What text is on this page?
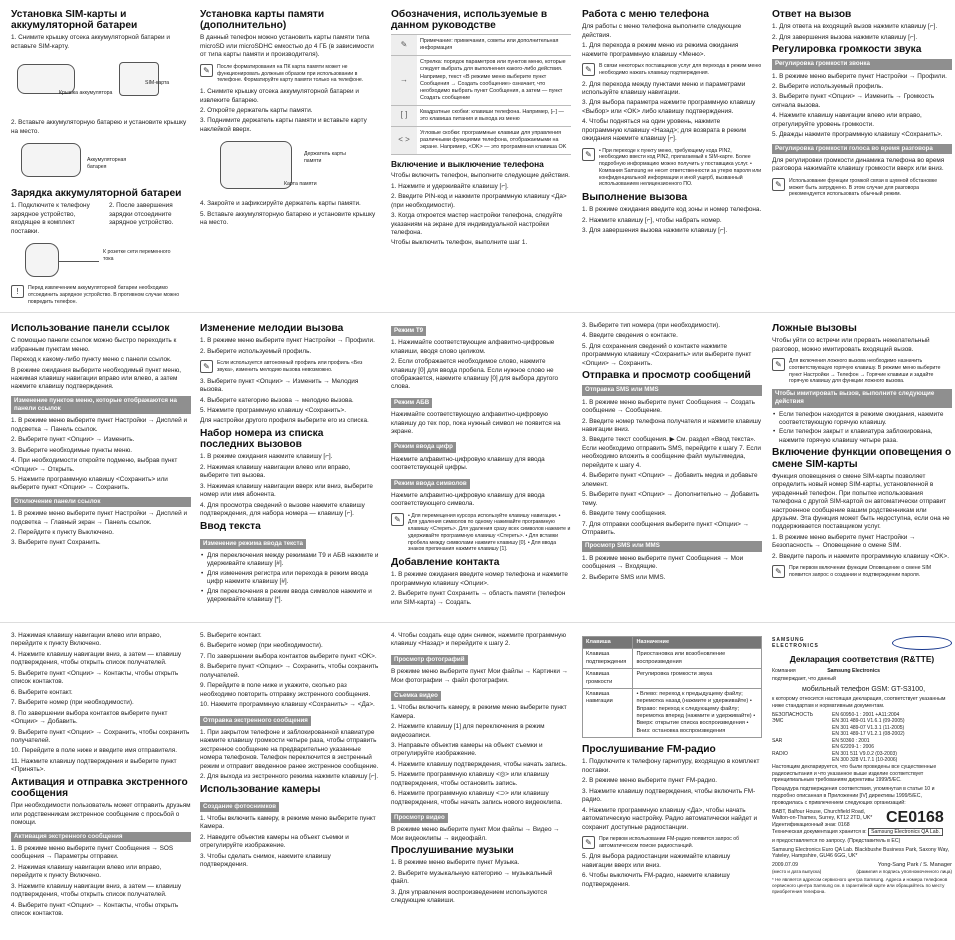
Установка SIM-карты и аккумуляторной батареи

1. Снимите крышку отсека аккумуляторной батареи и вставьте SIM-карту.

Крышка аккумулятора
SIM-карта

2. Вставьте аккумуляторную батарею и установите крышку на место.

Аккумуляторная батарея
Зарядка аккумуляторной батареи

1. Подключите к телефону зарядное устройство, входящее в комплект поставки.

2. После завершения зарядки отсоедините зарядное устройство.

К розетке сети переменного тока
!	Перед извлечением аккумуляторной батареи необходимо отсоединить зарядное устройство. В противном случае можно повредить телефон.
Установка карты памяти (дополнительно)

В данный телефон можно установить карты памяти типа microSD или microSDHC емкостью до 4 ГБ (в зависимости от типа карты памяти и производителя).

✎	После форматирования на ПК карта памяти может не функционировать должным образом при использовании в телефоне. Форматируйте карту памяти только на телефоне.

1. Снимите крышку отсека аккумуляторной батареи и извлеките батарею.

2. Откройте держатель карты памяти.

3. Поднимите держатель карты памяти и вставьте карту наклейкой вверх.

Держатель карты памяти
Карта памяти

4. Закройте и зафиксируйте держатель карты памяти.

5. Вставьте аккумуляторную батарею и установите крышку на место.

Обозначения, используемые в данном руководстве
✎	Примечание: примечания, советы или дополнительная информация
→	Стрелка: порядок параметров или пунктов меню, которые следует выбрать для выполнения какого-либо действия. Например, текст «В режиме меню выберите пункт Сообщения → Создать сообщение» означает, что необходимо выбрать пункт Сообщения, а затем — пункт Создать сообщение
[ ]	Квадратные скобки: клавиши телефона. Например, [⌐] — это клавиша питания и выхода из меню
< >	Угловые скобки: программные клавиши для управления различными функциями телефона, отображаемыми на экране. Например, <OK> — это программная клавиша OK
Включение и выключение телефона

Чтобы включить телефон, выполните следующие действия.

1. Нажмите и удерживайте клавишу [⌐].

2. Введите PIN-код и нажмите программную клавишу <Да> (при необходимости).

3. Когда откроется мастер настройки телефона, следуйте указаниям на экране для индивидуальной настройки телефона.

Чтобы выключить телефон, выполните шаг 1.

Работа с меню телефона

Для работы с меню телефона выполните следующие действия.

1. Для перехода в режим меню из режима ожидания нажмите программную клавишу <Меню>.

✎	В связи некоторых поставщиков услуг для перехода в режим меню необходимо нажать клавишу подтверждения.

2. Для перехода между пунктами меню и параметрами используйте клавишу навигации.

3. Для выбора параметра нажмите программную клавишу <Выбор> или <OK> либо клавишу подтверждения.

4. Чтобы подняться на один уровень, нажмите программную клавишу <Назад>; для возврата в режим ожидания нажмите клавишу [⌐].

✎	• При переходе к пункту меню, требующему кода PIN2, необходимо ввести код PIN2, прилагаемый к SIM-карте. Более подробную информацию можно получить у поставщика услуг. • Компания Samsung не несет ответственности за утерю пароля или конфиденциальной информации и иной ущерб, вызванный использованием нелицензионного ПО.
Выполнение вызова

1. В режиме ожидания введите код зоны и номер телефона.

2. Нажмите клавишу [⌐], чтобы набрать номер.

3. Для завершения вызова нажмите клавишу [⌐].

Ответ на вызов

1. Для ответа на входящий вызов нажмите клавишу [⌐].

2. Для завершения вызова нажмите клавишу [⌐].

Регулировка громкости звука
Регулировка громкости звонка

1. В режиме меню выберите пункт Настройки → Профили.

2. Выберите используемый профиль.

3. Выберите пункт <Опции> → Изменить → Громкость сигнала вызова.

4. Нажмите клавишу навигации влево или вправо, отрегулируйте уровень громкости.

5. Дважды нажмите программную клавишу <Сохранить>.

Регулировка громкости голоса во время разговора

Для регулировки громкости динамика телефона во время разговора нажимайте клавишу громкости вверх или вниз.

✎	Использование функции громкой связи в шумной обстановке может быть затруднено. В этом случае для разговора рекомендуется использовать обычный режим.
Использование панели ссылок

С помощью панели ссылок можно быстро переходить к избранным пунктам меню.

Переход к какому-либо пункту меню с панели ссылок.

В режиме ожидания выберите необходимый пункт меню, нажимая клавишу навигации вправо или влево, а затем нажмите клавишу подтверждения.

Изменение пунктов меню, которые отображаются на панели ссылок

1. В режиме меню выберите пункт Настройки → Дисплей и подсветка → Панель ссылок.

2. Выберите пункт <Опции> → Изменить.

3. Выберите необходимые пункты меню.

4. При необходимости откройте подменю, выбрав пункт <Опции> → Открыть.

5. Нажмите программную клавишу <Сохранить> или выберите пункт <Опции> → Сохранить.

Отключение панели ссылок

1. В режиме меню выберите пункт Настройки → Дисплей и подсветка → Главный экран → Панель ссылок.

2. Перейдите к пункту Выключено.

3. Выберите пункт Сохранить.

Изменение мелодии вызова

1. В режиме меню выберите пункт Настройки → Профили.

2. Выберите используемый профиль.

✎	Если используется автономный профиль или профиль «Без звука», изменить мелодию вызова невозможно.

3. Выберите пункт <Опции> → Изменить → Мелодия вызова.

4. Выберите категорию вызова → мелодию вызова.

5. Нажмите программную клавишу <Сохранить>.

Для настройки другого профиля выберите его из списка.

Набор номера из списка последних вызовов

1. В режиме ожидания нажмите клавишу [⌐].

2. Нажимая клавишу навигации влево или вправо, выберите тип вызова.

3. Нажимая клавишу навигации вверх или вниз, выберите номер или имя абонента.

4. Для просмотра сведений о вызове нажмите клавишу подтверждения, для набора номера — клавишу [⌐].

Ввод текста
Изменение режима ввода текста
• Для переключения между режимами T9 и АБВ нажмите и удерживайте клавишу [#].
• Для изменения регистра или перехода в режим ввода цифр нажмите клавишу [#].
• Для переключения в режим ввода символов нажмите и удерживайте клавишу [*].
Режим T9

1. Нажимайте соответствующие алфавитно-цифровые клавиши, вводя слово целиком.

2. Если отображается необходимое слово, нажмите клавишу [0] для ввода пробела. Если нужное слово не отображается, нажмите клавишу [0] для выбора другого слова.

Режим АБВ

Нажимайте соответствующую алфавитно-цифровую клавишу до тех пор, пока нужный символ не появится на экране.

Режим ввода цифр

Нажмите алфавитно-цифровую клавишу для ввода соответствующей цифры.

Режим ввода символов

Нажмите алфавитно-цифровую клавишу для ввода соответствующего символа.

✎	• Для перемещения курсора используйте клавишу навигации. • Для удаления символов по одному нажимайте программную клавишу <Стереть>. Для удаления сразу всех символов нажмите и удерживайте программную клавишу <Стереть>. • Для вставки пробела между символами нажмите клавишу [0]. • Для ввода знаков препинания нажмите клавишу [1].
Добавление контакта

1. В режиме ожидания введите номер телефона и нажмите программную клавишу <Опции>.

2. Выберите пункт Сохранить → область памяти (телефон или SIM-карта) → Создать.

3. Выберите тип номера (при необходимости).

4. Введите сведения о контакте.

5. Для сохранения сведений о контакте нажмите программную клавишу <Сохранить> или выберите пункт <Опции> → Сохранить.

Отправка и просмотр сообщений
Отправка SMS или MMS

1. В режиме меню выберите пункт Сообщения → Создать сообщение → Сообщение.

2. Введите номер телефона получателя и нажмите клавишу навигации вниз.

3. Введите текст сообщения. ▶ См. раздел «Ввод текста». Если необходимо отправить SMS, перейдите к шагу 7. Если необходимо вложить в сообщение файл мультимедиа, перейдите к шагу 4.

4. Выберите пункт <Опции> → Добавить медиа и добавьте элемент.

5. Выберите пункт <Опции> → Дополнительно → Добавить тему.

6. Введите тему сообщения.

7. Для отправки сообщения выберите пункт <Опции> → Отправить.

Просмотр SMS или MMS

1. В режиме меню выберите пункт Сообщения → Мои сообщения → Входящие.

2. Выберите SMS или MMS.

Ложные вызовы

Чтобы уйти со встречи или прервать нежелательный разговор, можно имитировать входящий вызов.

✎	Для включения ложного вызова необходимо назначить соответствующую горячую клавишу. В режиме меню выберите пункт Настройки → Телефон → Горячие клавиши и задайте горячую клавишу для функции ложного вызова.
Чтобы имитировать вызов, выполните следующие действия
• Если телефон находится в режиме ожидания, нажмите соответствующую горячую клавишу.
• Если телефон закрыт и клавиатура заблокирована, нажмите горячую клавишу четыре раза.
Включение функции оповещения о смене SIM-карты

Функция оповещения о смене SIM-карты позволяет определить новый номер SIM-карты, установленной в украденный телефон. При попытке использования телефона с другой SIM-картой он автоматически отправит настроенное сообщение вашим родственникам или друзьям. Эта функция может быть недоступна, если она не поддерживается поставщиком услуг.

1. В режиме меню выберите пункт Настройки → Безопасность → Оповещение о смене SIM.

2. Введите пароль и нажмите программную клавишу <OK>.

✎	При первом включении функции Оповещение о смене SIM появится запрос о создании и подтверждении пароля.

3. Нажимая клавишу навигации влево или вправо, перейдите к пункту Включено.

4. Нажмите клавишу навигации вниз, а затем — клавишу подтверждения, чтобы открыть список получателей.

5. Выберите пункт <Опции> → Контакты, чтобы открыть список контактов.

6. Выберите контакт.

7. Выберите номер (при необходимости).

8. По завершении выбора контактов выберите пункт <Опции> → Добавить.

9. Выберите пункт <Опции> → Сохранить, чтобы сохранить получателей.

10. Перейдите в поле ниже и введите имя отправителя.

11. Нажмите клавишу подтверждения и выберите пункт <Принять>.

Активация и отправка экстренного сообщения

При необходимости пользователь может отправить друзьям или родственникам экстренное сообщение с просьбой о помощи.

Активация экстренного сообщения

1. В режиме меню выберите пункт Сообщения → SOS сообщения → Параметры отправки.

2. Нажимая клавишу навигации влево или вправо, перейдите к пункту Включено.

3. Нажмите клавишу навигации вниз, а затем — клавишу подтверждения, чтобы открыть список получателей.

4. Выберите пункт <Опции> → Контакты, чтобы открыть список контактов.

5. Выберите контакт.

6. Выберите номер (при необходимости).

7. По завершении выбора контактов выберите пункт <OK>.

8. Выберите пункт <Опции> → Сохранить, чтобы сохранить получателей.

9. Перейдите в поле ниже и укажите, сколько раз необходимо повторить отправку экстренного сообщения.

10. Нажмите программную клавишу <Сохранить> → <Да>.

Отправка экстренного сообщения

1. При закрытом телефоне и заблокированной клавиатуре нажмите клавишу громкости четыре раза, чтобы отправить экстренное сообщение на предварительно указанные номера телефонов. Телефон переключится в экстренный режим и отправит введенное ранее экстренное сообщение.

2. Для выхода из экстренного режима нажмите клавишу [⌐].

Использование камеры
Создание фотоснимков

1. Чтобы включить камеру, в режиме меню выберите пункт Камера.

2. Наведите объектив камеры на объект съемки и отрегулируйте изображение.

3. Чтобы сделать снимок, нажмите клавишу подтверждения.

4. Чтобы создать еще один снимок, нажмите программную клавишу <Назад> и перейдите к шагу 2.

Просмотр фотографий

В режиме меню выберите пункт Мои файлы → Картинки → Мои фотографии → файл фотографии.

Съемка видео

1. Чтобы включить камеру, в режиме меню выберите пункт Камера.

2. Нажмите клавишу [1] для переключения в режим видеозаписи.

3. Направьте объектив камеры на объект съемки и отрегулируйте изображение.

4. Нажмите клавишу подтверждения, чтобы начать запись.

5. Нажмите программную клавишу <◎> или клавишу подтверждения, чтобы остановить запись.

6. Нажмите программную клавишу <⊃> или клавишу подтверждения, чтобы начать запись нового видеоклипа.

Просмотр видео

В режиме меню выберите пункт Мои файлы → Видео → Мои видеоклипы → видеофайл.

Прослушивание музыки

1. В режиме меню выберите пункт Музыка.

2. Выберите музыкальную категорию → музыкальный файл.

3. Для управления воспроизведением используются следующие клавиши.

Клавиша	Назначение
Клавиша подтверждения	Приостановка или возобновление воспроизведения
Клавиша громкости	Регулировка громкости звука
Клавиша навигации	• Влево: переход к предыдущему файлу; перемотка назад (нажмите и удерживайте) • Вправо: переход к следующему файлу; перемотка вперед (нажмите и удерживайте) • Вверх: открытие списка воспроизведения • Вниз: остановка воспроизведения
Прослушивание FM-радио

1. Подключите к телефону гарнитуру, входящую в комплект поставки.

2. В режиме меню выберите пункт FM-радио.

3. Нажмите клавишу подтверждения, чтобы включить FM-радио.

4. Нажмите программную клавишу <Да>, чтобы начать автоматическую настройку. Радио автоматически найдет и сохранит доступные радиостанции.

✎	При первом использовании FM-радио появится запрос об автоматическом поиске радиостанций.

5. Для выбора радиостанции нажимайте клавишу навигации вверх или вниз.

6. Чтобы выключить FM-радио, нажмите клавишу подтверждения.

SAMSUNG ELECTRONICS
Декларация соответствия (R&TTE)

Компания	Samsung Electronics

подтверждает, что данный

мобильный телефон GSM: GT-S3100,

к которому относится настоящая декларация, соответствует указанным ниже стандартам и нормативным документам.

БЕЗОПАСНОСТЬ	EN 60950-1 : 2001 +A11:2004
ЭМС	EN 301 489-01 V1.6.1 (09-2005)
	EN 301 489-07 V1.3.1 (11-2005)
	EN 301 489-17 V1.2.1 (08-2002)
SAR	EN 50360 : 2001
	EN 62209-1 : 2006
RADIO	EN 301 511 V9.0.2 (03-2003)
	EN 300 328 V1.7.1 (10-2006)

Настоящим декларируется, что были проведены все существенные радиоиспытания и что указанное выше изделие соответствует принципиальным требованиям директивы 1999/5/EC.

Процедура подтверждения соответствия, упомянутая в статье 10 и подробно описанная в Приложении [IV] директивы 1999/5/EC, проводилась с привлечением следующих организаций:

BABT, Balfour House, Churchfield Road, Walton-on-Thames, Surrey, KT12 2TD, UK* Идентификационный знак: 0168	CE0168

Техническая документация хранится в: Samsung Electronics QA Lab.

и предоставляется по запросу. (Представитель в ЕС)

Samsung Electronics Euro QA Lab. Blackbushe Business Park, Saxony Way, Yateley, Hampshire, GU46 6GG, UK*

2009.07.09	Yong-Sang Park / S. Manager
(место и дата выпуска)	(фамилия и подпись уполномоченного лица)

* Не является адресом сервисного центра Samsung. Адреса и номера телефонов сервисного центра Samsung см. в гарантийной карте или обращайтесь по месту приобретения телефона.
